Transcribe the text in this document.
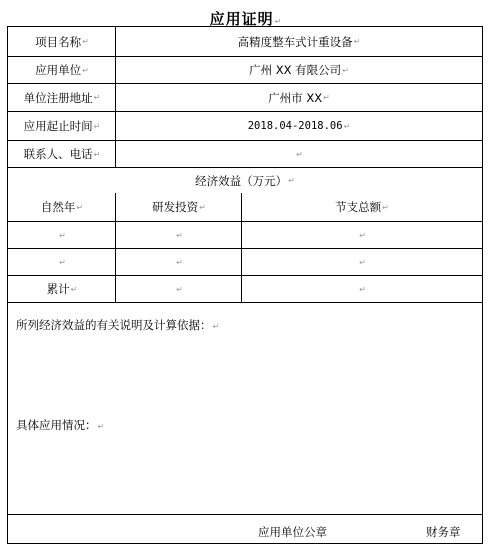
应用证明↵
项目名称 ↵	高精度整车式计重设备 ↵
应用单位 ↵	广州 XX 有限公司 ↵
单位注册地址 ↵	广州市 XX ↵
应用起止时间 ↵	2018.04-2018.06 ↵
联系人、电话 ↵	↵
经济效益（万元） ↵
自然年 ↵	研发投资 ↵	节支总额 ↵
↵	↵	↵
↵	↵	↵
累计 ↵	↵	↵
所列经济效益的有关说明及计算依据：↵
具体应用情况：↵
应用单位公章	财务章
